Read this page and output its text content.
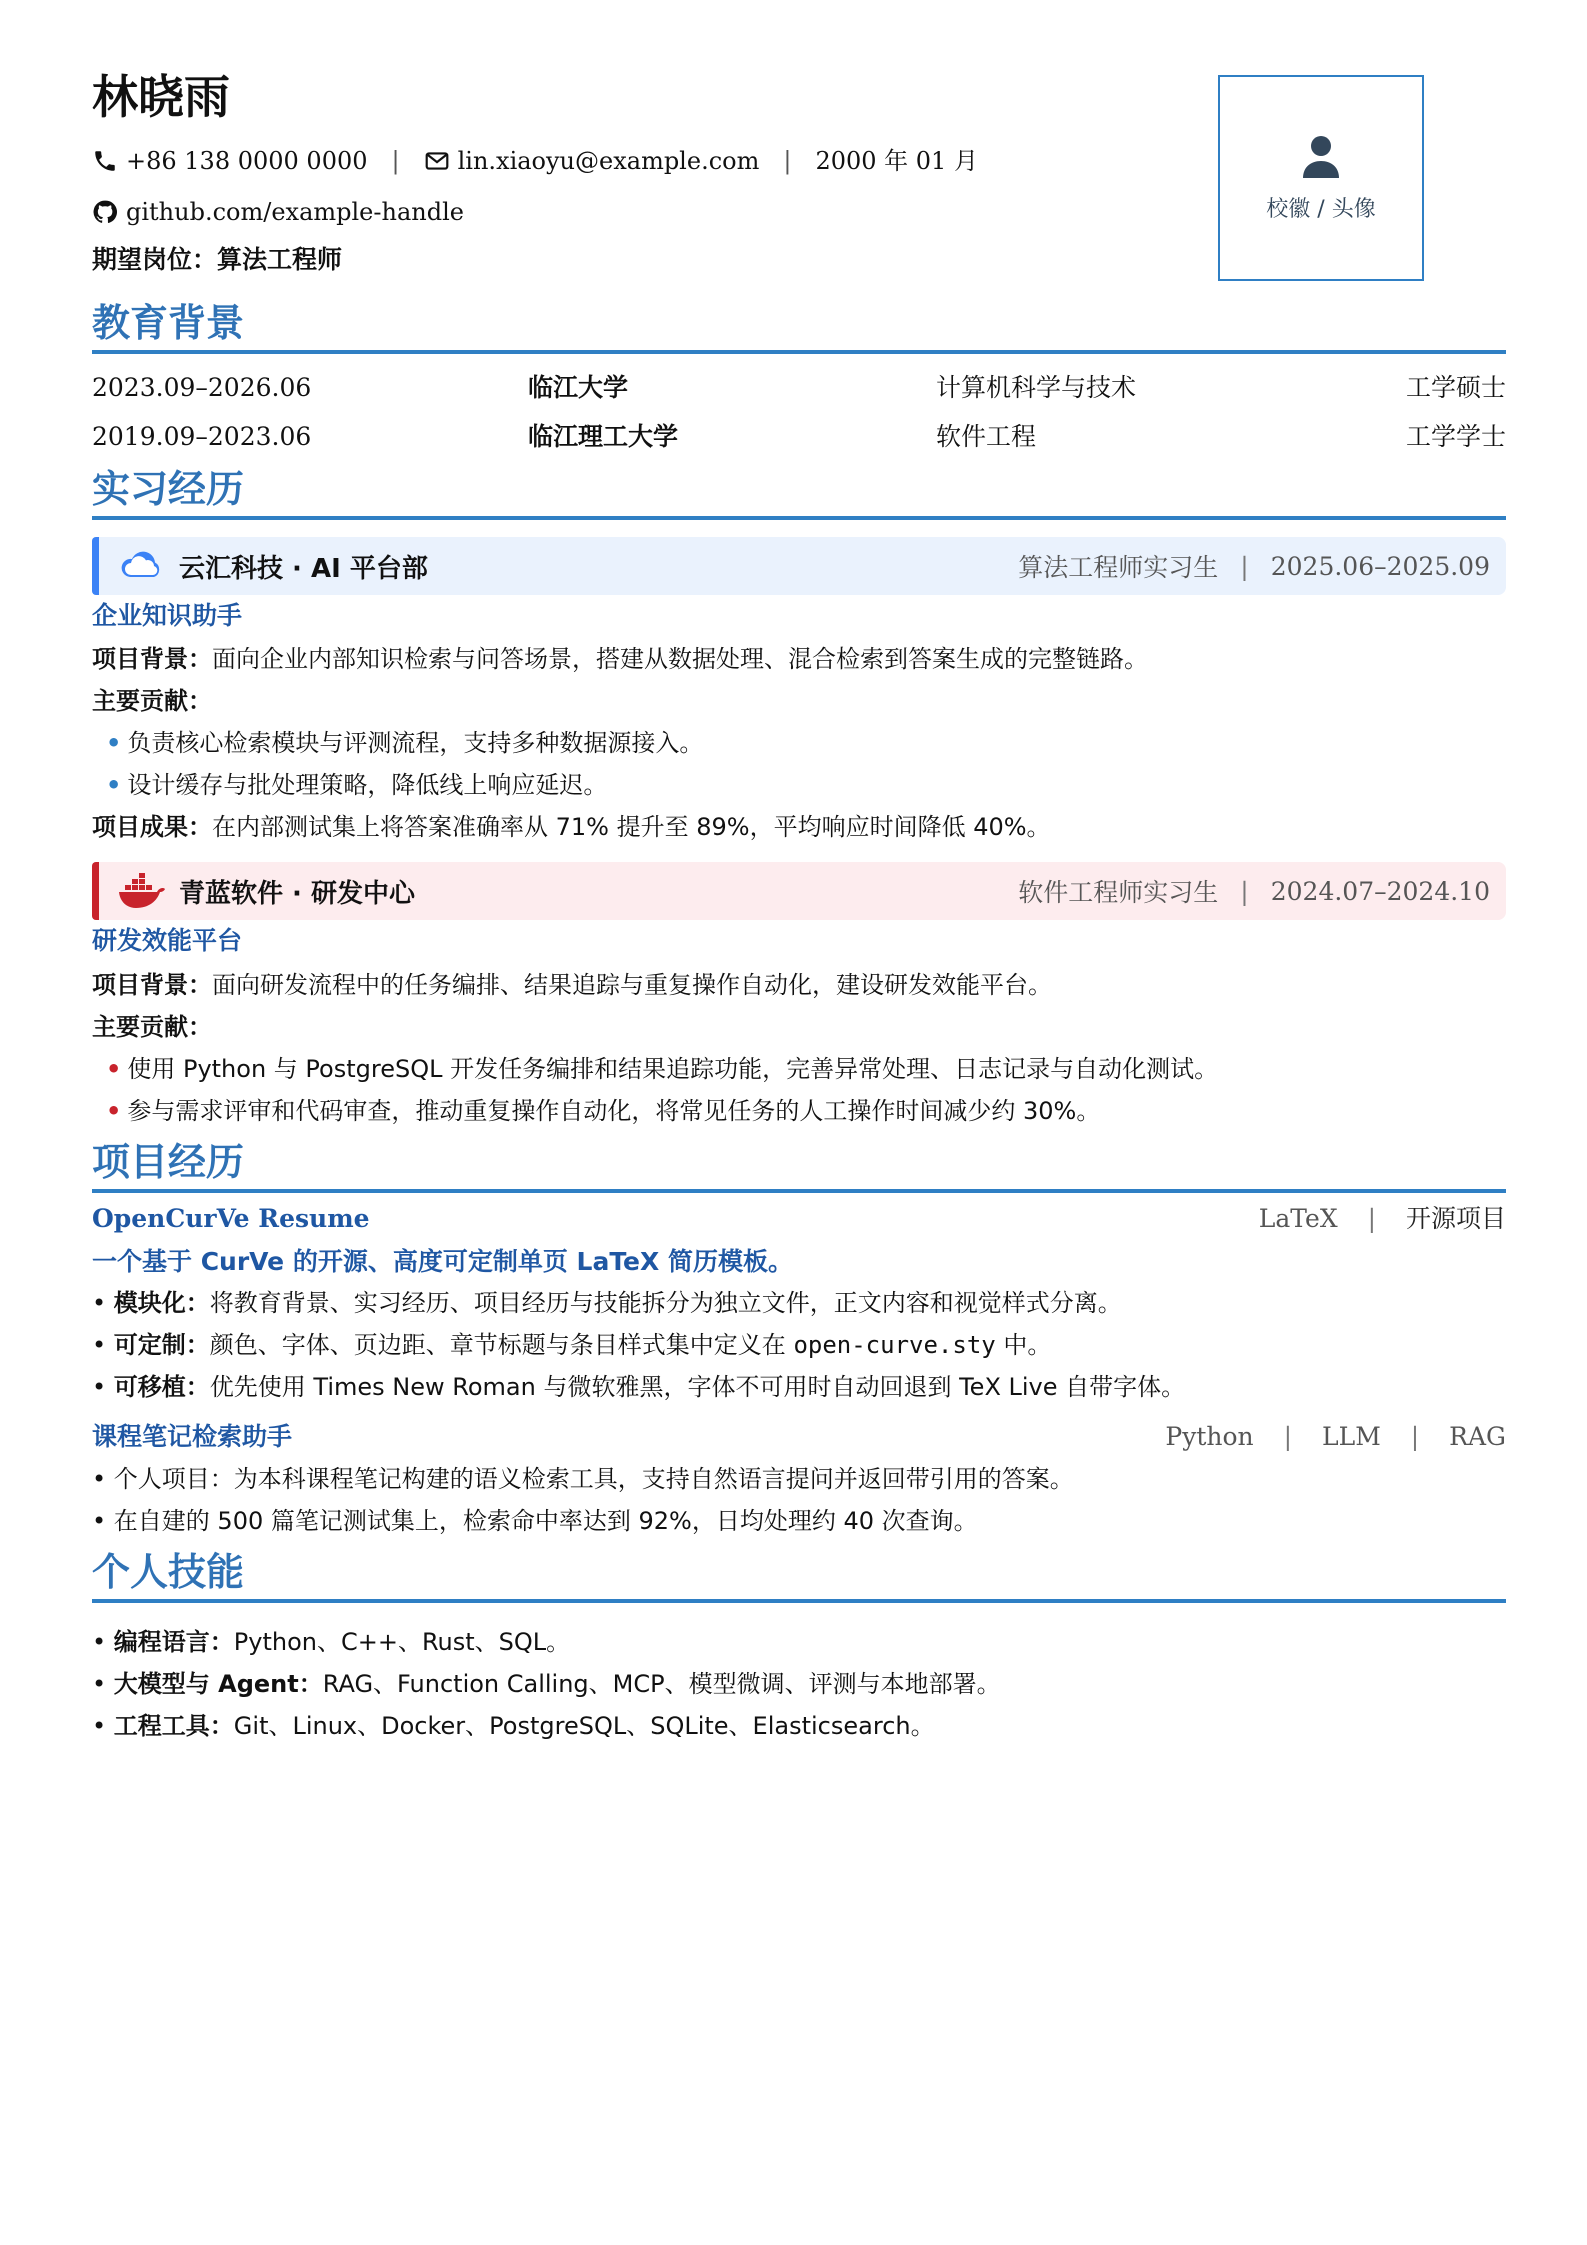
林晓雨
+86 138 0000 0000 | lin.xiaoyu@example.com | 2000 年 01 月
github.com/example-handle
期望岗位：算法工程师
校徽 / 头像
教育背景
2023.09–2026.06	临江大学	计算机科学与技术	工学硕士
2019.09–2023.06	临江理工大学	软件工程	工学学士
实习经历
云汇科技 · AI 平台部	算法工程师实习生 | 2025.06–2025.09
企业知识助手
项目背景：面向企业内部知识检索与问答场景，搭建从数据处理、混合检索到答案生成的完整链路。
主要贡献：
• 负责核心检索模块与评测流程，支持多种数据源接入。
• 设计缓存与批处理策略，降低线上响应延迟。
项目成果：在内部测试集上将答案准确率从 71% 提升至 89%，平均响应时间降低 40%。
青蓝软件 · 研发中心	软件工程师实习生 | 2024.07–2024.10
研发效能平台
项目背景：面向研发流程中的任务编排、结果追踪与重复操作自动化，建设研发效能平台。
主要贡献：
• 使用 Python 与 PostgreSQL 开发任务编排和结果追踪功能，完善异常处理、日志记录与自动化测试。
• 参与需求评审和代码审查，推动重复操作自动化，将常见任务的人工操作时间减少约 30%。
项目经历
OpenCurVe Resume	LaTeX | 开源项目
一个基于 CurVe 的开源、高度可定制单页 LaTeX 简历模板。
• 模块化：将教育背景、实习经历、项目经历与技能拆分为独立文件，正文内容和视觉样式分离。
• 可定制：颜色、字体、页边距、章节标题与条目样式集中定义在 open-curve.sty 中。
• 可移植：优先使用 Times New Roman 与微软雅黑，字体不可用时自动回退到 TeX Live 自带字体。
课程笔记检索助手	Python | LLM | RAG
• 个人项目：为本科课程笔记构建的语义检索工具，支持自然语言提问并返回带引用的答案。
• 在自建的 500 篇笔记测试集上，检索命中率达到 92%，日均处理约 40 次查询。
个人技能
• 编程语言：Python、C++、Rust、SQL。
• 大模型与 Agent：RAG、Function Calling、MCP、模型微调、评测与本地部署。
• 工程工具：Git、Linux、Docker、PostgreSQL、SQLite、Elasticsearch。
